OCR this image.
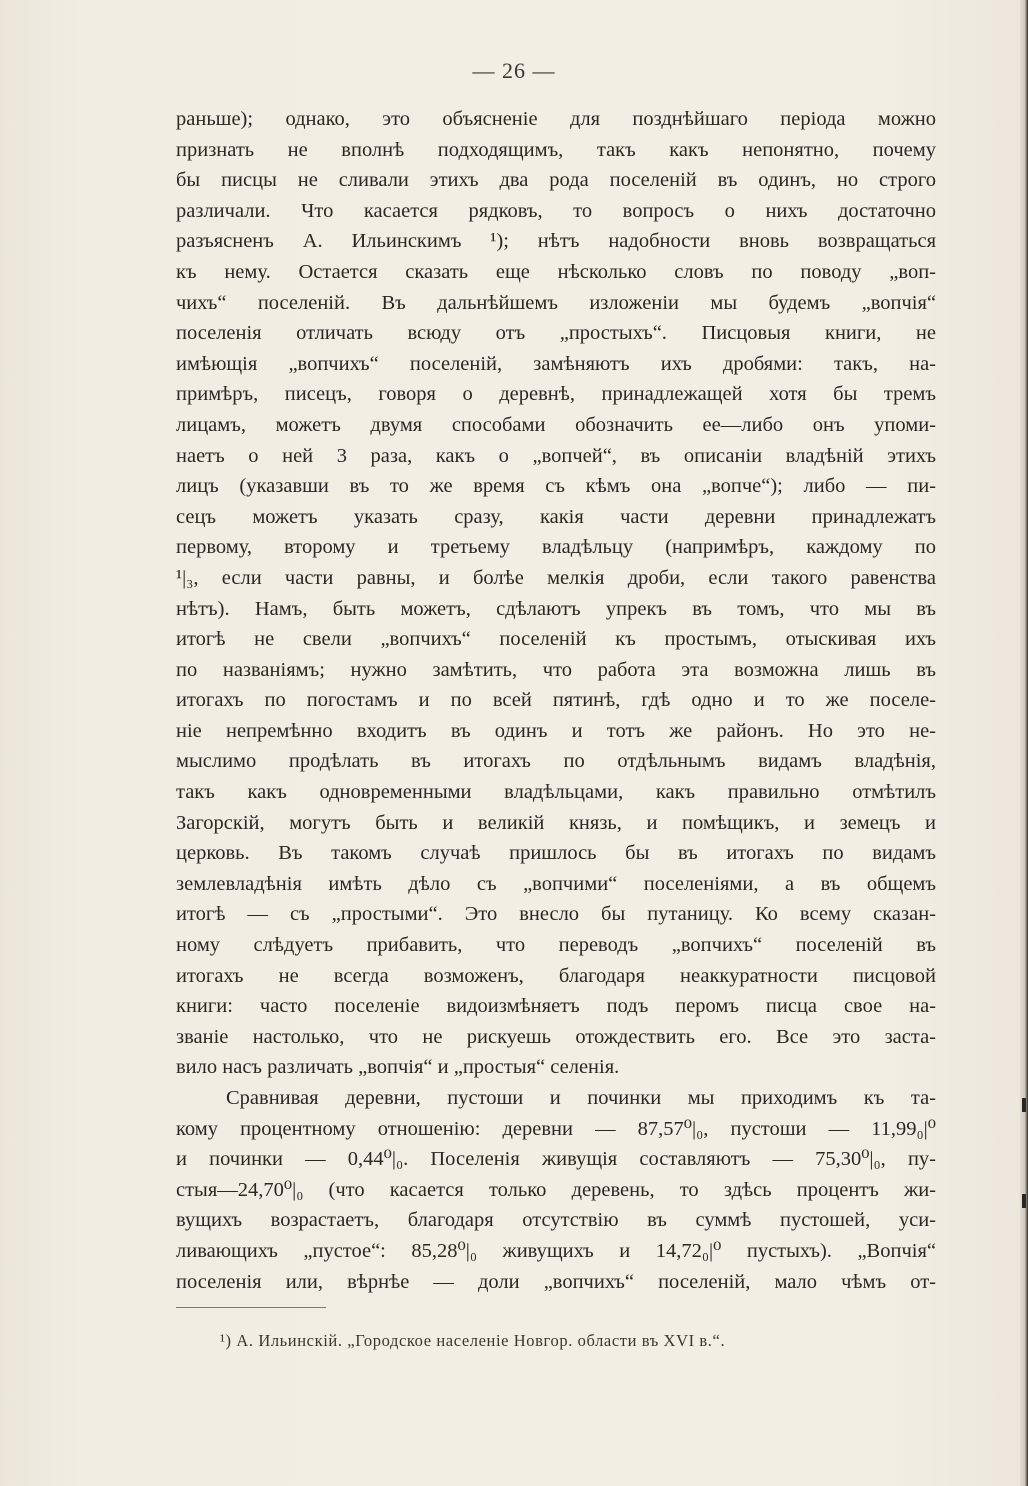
— 26 —
раньше); однако, это объясненіе для позднѣйшаго періода можно
признать не вполнѣ подходящимъ, такъ какъ непонятно, почему
бы писцы не сливали этихъ два рода поселеній въ одинъ, но строго
различали. Что касается рядковъ, то вопросъ о нихъ достаточно
разъясненъ А. Ильинскимъ ¹); нѣтъ надобности вновь возвращаться
къ нему. Остается сказать еще нѣсколько словъ по поводу „воп-
чихъ“ поселеній. Въ дальнѣйшемъ изложеніи мы будемъ „вопчія“
поселенія отличать всюду отъ „простыхъ“. Писцовыя книги, не
имѣющія „вопчихъ“ поселеній, замѣняютъ ихъ дробями: такъ, на-
примѣръ, писецъ, говоря о деревнѣ, принадлежащей хотя бы тремъ
лицамъ, можетъ двумя способами обозначить ее—либо онъ упоми-
наетъ о ней 3 раза, какъ о „вопчей“, въ описаніи владѣній этихъ
лицъ (указавши въ то же время съ кѣмъ она „вопче“); либо — пи-
сецъ можетъ указать сразу, какія части деревни принадлежатъ
первому, второму и третьему владѣльцу (напримѣръ, каждому по
¹|₃, если части равны, и болѣе мелкія дроби, если такого равенства
нѣтъ). Намъ, быть можетъ, сдѣлаютъ упрекъ въ томъ, что мы въ
итогѣ не свели „вопчихъ“ поселеній къ простымъ, отыскивая ихъ
по названіямъ; нужно замѣтить, что работа эта возможна лишь въ
итогахъ по погостамъ и по всей пятинѣ, гдѣ одно и то же поселе-
ніе непремѣнно входитъ въ одинъ и тотъ же районъ. Но это не-
мыслимо продѣлать въ итогахъ по отдѣльнымъ видамъ владѣнія,
такъ какъ одновременными владѣльцами, какъ правильно отмѣтилъ
Загорскій, могутъ быть и великій князь, и помѣщикъ, и земецъ и
церковь. Въ такомъ случаѣ пришлось бы въ итогахъ по видамъ
землевладѣнія имѣть дѣло съ „вопчими“ поселеніями, а въ общемъ
итогѣ — съ „простыми“. Это внесло бы путаницу. Ко всему сказан-
ному слѣдуетъ прибавить, что переводъ „вопчихъ“ поселеній въ
итогахъ не всегда возможенъ, благодаря неаккуратности писцовой
книги: часто поселеніе видоизмѣняетъ подъ перомъ писца свое на-
званіе настолько, что не рискуешь отождествить его. Все это заста-
вило насъ различать „вопчія“ и „простыя“ селенія.
Сравнивая деревни, пустоши и починки мы приходимъ къ та-
кому процентному отношенію: деревни — 87,57⁰|₀, пустоши — 11,99₀|⁰
и починки — 0,44⁰|₀. Поселенія живущія составляютъ — 75,30⁰|₀, пу-
стыя—24,70⁰|₀ (что касается только деревень, то здѣсь процентъ жи-
вущихъ возрастаетъ, благодаря отсутствію въ суммѣ пустошей, уси-
ливающихъ „пустое“: 85,28⁰|₀ живущихъ и 14,72₀|⁰ пустыхъ). „Вопчія“
поселенія или, вѣрнѣе — доли „вопчихъ“ поселеній, мало чѣмъ от-
¹) А. Ильинскій. „Городское населеніе Новгор. области въ XVI в.“.
